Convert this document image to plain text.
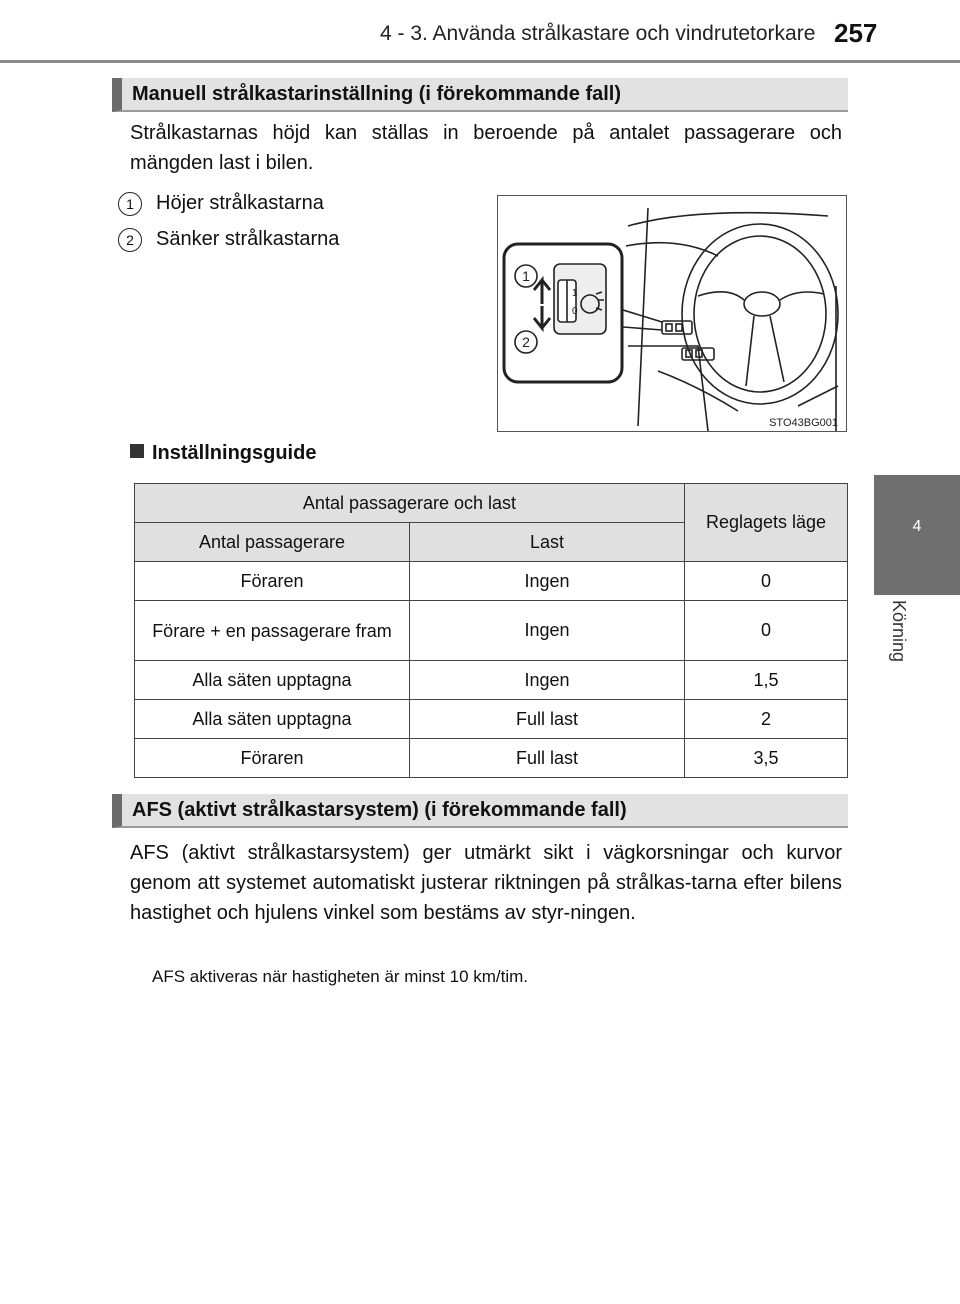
4 - 3. Använda strålkastare och vindrutetorkare 257
4
Körning
Manuell strålkastarinställning (i förekommande fall)
Strålkastarnas höjd kan ställas in beroende på antalet passagerare och mängden last i bilen.
1 Höjer strålkastarna
2 Sänker strålkastarna
1
2
1
0
STO43BG001
Inställningsguide
Antal passagerare och last		Reglagets läge
Antal passagerare	Last	
Föraren	Ingen	0
Förare + en passagerare fram	Ingen	0
Alla säten upptagna	Ingen	1,5
Alla säten upptagna	Full last	2
Föraren	Full last	3,5
AFS (aktivt strålkastarsystem) (i förekommande fall)
AFS (aktivt strålkastarsystem) ger utmärkt sikt i vägkorsningar och kurvor genom att systemet automatiskt justerar riktningen på strålkas-tarna efter bilens hastighet och hjulens vinkel som bestäms av styr-ningen.
AFS aktiveras när hastigheten är minst 10 km/tim.
